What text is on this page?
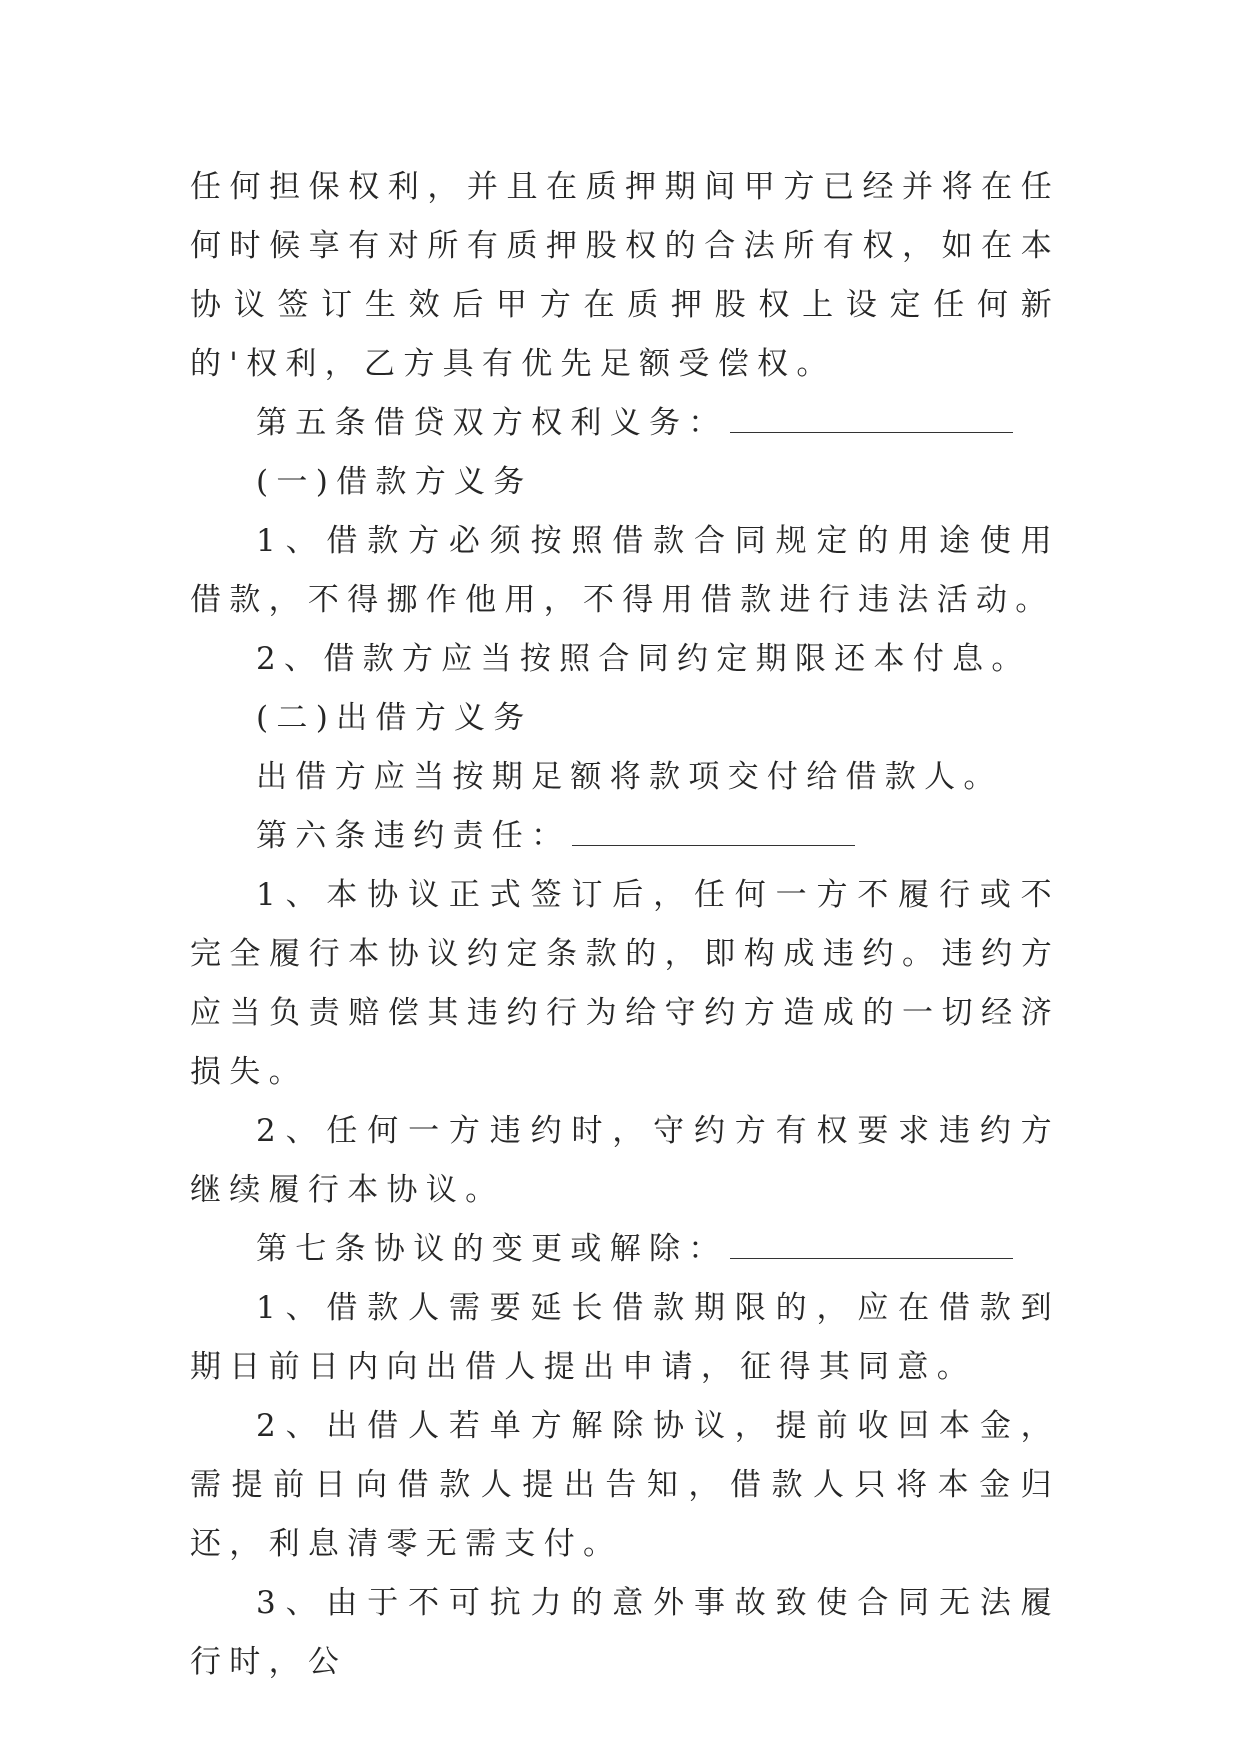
任何担保权利，并且在质押期间甲方已经并将在任何时候享有对所有质押股权的合法所有权，如在本协议签订生效后甲方在质押股权上设定任何新的'权利，乙方具有优先足额受偿权。

第五条借贷双方权利义务：

(一)借款方义务

1、借款方必须按照借款合同规定的用途使用借款，不得挪作他用，不得用借款进行违法活动。

2、借款方应当按照合同约定期限还本付息。

(二)出借方义务

出借方应当按期足额将款项交付给借款人。

第六条违约责任：

1、本协议正式签订后，任何一方不履行或不完全履行本协议约定条款的，即构成违约。违约方应当负责赔偿其违约行为给守约方造成的一切经济损失。

2、任何一方违约时，守约方有权要求违约方继续履行本协议。

第七条协议的变更或解除：

1、借款人需要延长借款期限的，应在借款到期日前日内向出借人提出申请，征得其同意。

2、出借人若单方解除协议，提前收回本金，需提前日向借款人提出告知，借款人只将本金归还，利息清零无需支付。

3、由于不可抗力的意外事故致使合同无法履行时，公
